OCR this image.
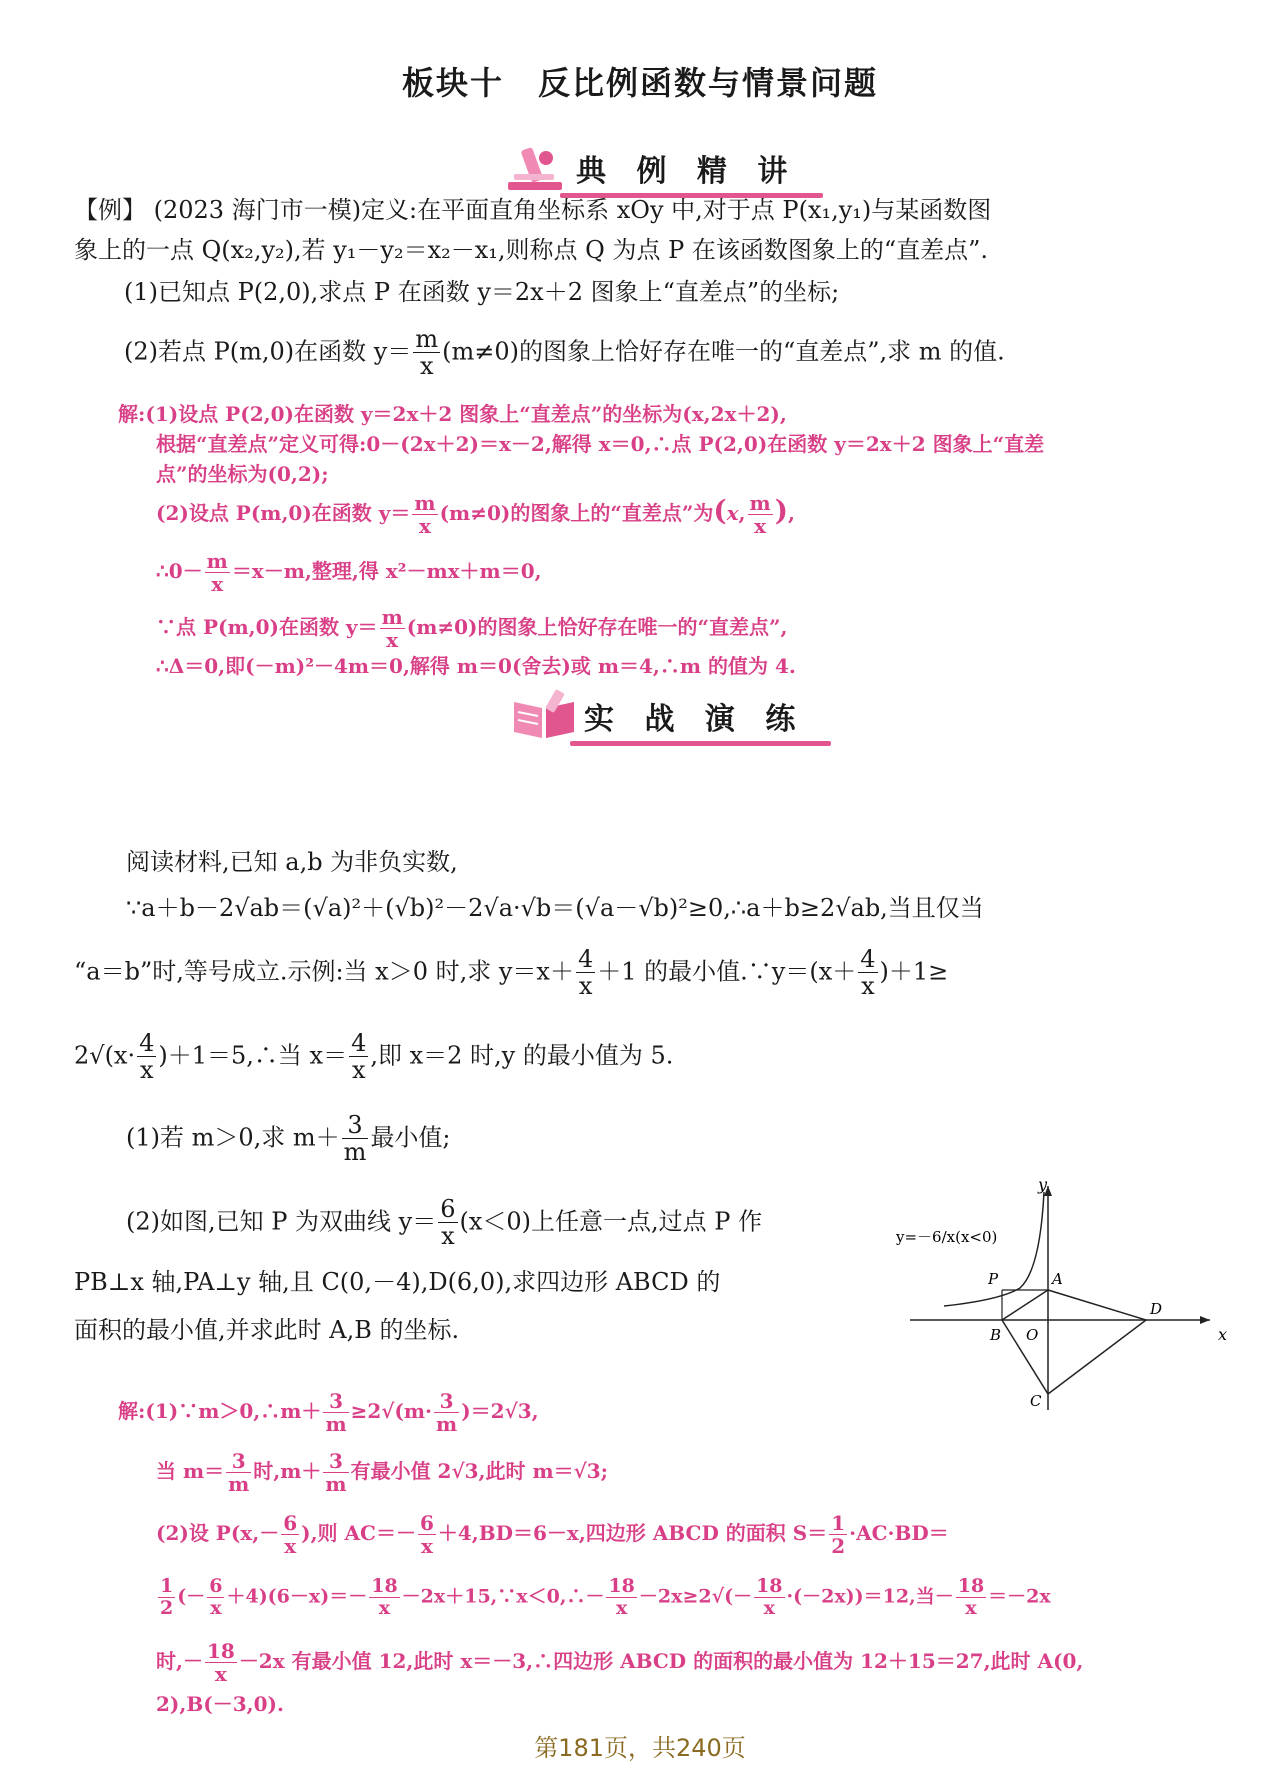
板块十　反比例函数与情景问题
典 例 精 讲
【例】 (2023 海门市一模)定义:在平面直角坐标系 xOy 中,对于点 P(x₁,y₁)与某函数图
象上的一点 Q(x₂,y₂),若 y₁－y₂＝x₂－x₁,则称点 Q 为点 P 在该函数图象上的“直差点”.
(1)已知点 P(2,0),求点 P 在函数 y＝2x＋2 图象上“直差点”的坐标;
(2)若点 P(m,0)在函数 $y= \frac{m}{x} (m\ne 0)$的图象上恰好存在唯一的“直差点”,求 m 的值.
解:(1)设点 P(2,0)在函数 y＝2x＋2 图象上“直差点”的坐标为(x,2x＋2),
根据“直差点”定义可得:0－(2x＋2)＝x－2,解得 x＝0,∴点 P(2,0)在函数 y＝2x＋2 图象上“直差
点”的坐标为(0,2);
(2)设点 P(m,0)在函数 $y= \frac{m}{x} (m\ne 0)$的图象上的“直差点”为(x, $\frac{m}{x}$ ),
∴0－ $\frac{m}{x} =x-m$,整理,得 x²－mx＋m＝0,
∵点 P(m,0)在函数 $y= \frac{m}{x} (m\ne 0)$的图象上恰好存在唯一的“直差点”,
∴Δ＝0,即(－m)²－4m＝0,解得 m＝0(舍去)或 m＝4,∴m 的值为 4.
实 战 演 练
阅读材料,已知 a,b 为非负实数,
∵a＋b－2√ab＝(√a)²＋(√b)²－2√a·√b＝(√a－√b)²≥0,∴a＋b≥2√ab,当且仅当
“a＝b”时,等号成立.示例:当 x＞0 时,求 $y=x+ \frac{4}{x} +1$ 的最小值.∵y＝(x＋ $\frac{4}{x} )+1\ge$
$2√(x\cdot \frac{4}{x}$ )＋1＝5,∴当 $x= \frac{4}{x}$ ,即 x＝2 时,y 的最小值为 5.
(1)若 m＞0,求 $m+ \frac{3}{m}$ 最小值;
(2)如图,已知 P 为双曲线 $y= \frac{6}{x} (x<0)$上任意一点,过点 P 作
PB⊥x 轴,PA⊥y 轴,且 C(0,－4),D(6,0),求四边形 ABCD 的
面积的最小值,并求此时 A,B 的坐标.
y
x
P	A
B O
C
D
y=－6/x(x<0)
解:(1)∵m＞0,∴m＋ $\frac{3}{m} \ge 2√(m\cdot \frac{3}{m} )=2√3$,
当 $m= \frac{3}{m}$ 时$,m+ \frac{3}{m}$ 有最小值 2√3,此时 m＝√3;
(2)设 $P(x,- \frac{6}{x}$ ),则 $AC=- \frac{6}{x} +4,BD=6-x$,四边形 ABCD 的面积 $S= \frac{1}{2} \cdot AC\cdot BD=$
$\frac{1}{2}$ (－ $\frac{6}{x} +4)(6-x)=- \frac{18}{x}$ －2x＋15,∵x＜0,∴－ $\frac{18}{x} -2x\ge 2√(- \frac{18}{x} \cdot(-2x))=12$,当－ $\frac{18}{x} =-2x$
时,－ $\frac{18}{x} -2x$ 有最小值 12,此时 x＝－3,∴四边形 ABCD 的面积的最小值为 12＋15＝27,此时 A(0,
2),B(－3,0).
第181页，共240页
